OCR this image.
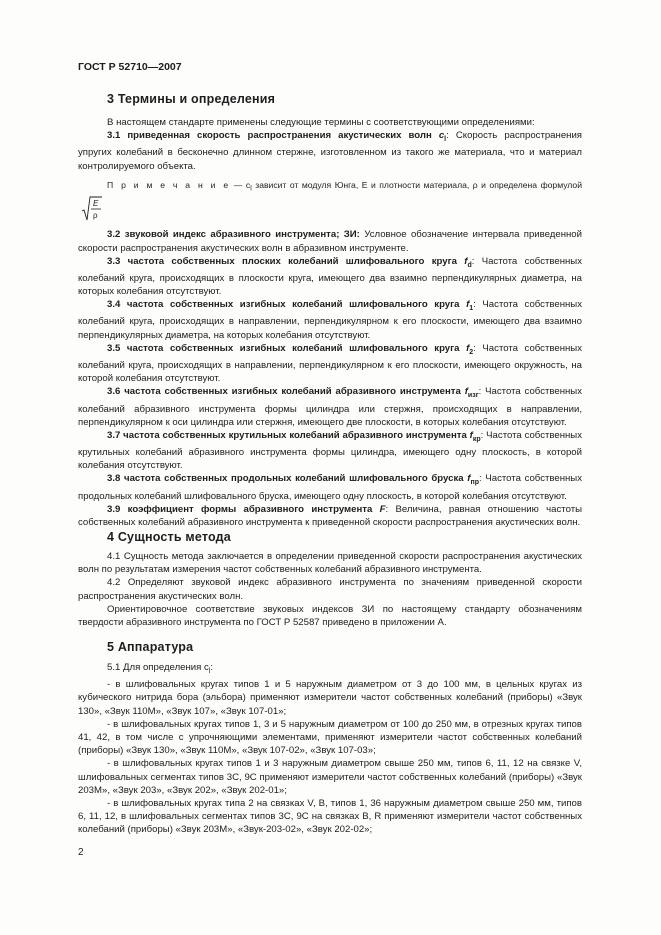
ГОСТ Р 52710—2007
3 Термины и определения

В настоящем стандарте применены следующие термины с соответствующими определениями:

3.1 приведенная скорость распространения акустических волн $c_l$: Скорость распространения упругих колебаний в бесконечно длинном стержне, изготовленном из такого же материала, что и материал контролируемого объекта.

П р и м е ч а н и е — $c_l$ зависит от модуля Юнга, E и плотности материала, ρ и определена формулой
E
ρ

3.2 звуковой индекс абразивного инструмента; ЗИ: Условное обозначение интервала приведенной скорости распространения акустических волн в абразивном инструменте.

3.3 частота собственных плоских колебаний шлифовального круга $f_d$: Частота собственных колебаний круга, происходящих в плоскости круга, имеющего два взаимно перпендикулярных диаметра, на которых колебания отсутствуют.

3.4 частота собственных изгибных колебаний шлифовального круга $f_1$: Частота собственных колебаний круга, происходящих в направлении, перпендикулярном к его плоскости, имеющего два взаимно перпендикулярных диаметра, на которых колебания отсутствуют.

3.5 частота собственных изгибных колебаний шлифовального круга $f_2$: Частота собственных колебаний круга, происходящих в направлении, перпендикулярном к его плоскости, имеющего окружность, на которой колебания отсутствуют.

3.6 частота собственных изгибных колебаний абразивного инструмента $f_{изг}$: Частота собственных колебаний абразивного инструмента формы цилиндра или стержня, происходящих в направлении, перпендикулярном к оси цилиндра или стержня, имеющего две плоскости, в которых колебания отсутствуют.

3.7 частота собственных крутильных колебаний абразивного инструмента $f_{кр}$: Частота собственных крутильных колебаний абразивного инструмента формы цилиндра, имеющего одну плоскость, в которой колебания отсутствуют.

3.8 частота собственных продольных колебаний шлифовального бруска $f_{пр}$: Частота собственных продольных колебаний шлифовального бруска, имеющего одну плоскость, в которой колебания отсутствуют.

3.9 коэффициент формы абразивного инструмента F: Величина, равная отношению частоты собственных колебаний абразивного инструмента к приведенной скорости распространения акустических волн.

4 Сущность метода

4.1 Сущность метода заключается в определении приведенной скорости распространения акустических волн по результатам измерения частот собственных колебаний абразивного инструмента.

4.2 Определяют звуковой индекс абразивного инструмента по значениям приведенной скорости распространения акустических волн.

Ориентировочное соответствие звуковых индексов ЗИ по настоящему стандарту обозначениям твердости абразивного инструмента по ГОСТ Р 52587 приведено в приложении А.

5 Аппаратура

5.1 Для определения $c_l$:

- в шлифовальных кругах типов 1 и 5 наружным диаметром от 3 до 100 мм, в цельных кругах из кубического нитрида бора (эльбора) применяют измерители частот собственных колебаний (приборы) «Звук 130», «Звук 110М», «Звук 107», «Звук 107-01»;

- в шлифовальных кругах типов 1, 3 и 5 наружным диаметром от 100 до 250 мм, в отрезных кругах типов 41, 42, в том числе с упрочняющими элементами, применяют измерители частот собственных колебаний (приборы) «Звук 130», «Звук 110М», «Звук 107-02», «Звук 107-03»;

- в шлифовальных кругах типов 1 и 3 наружным диаметром свыше 250 мм, типов 6, 11, 12 на связке V, шлифовальных сегментах типов 3С, 9С применяют измерители частот собственных колебаний (приборы) «Звук 203М», «Звук 203», «Звук 202», «Звук 202-01»;

- в шлифовальных кругах типа 2 на связках V, B, типов 1, 36 наружным диаметром свыше 250 мм, типов 6, 11, 12, в шлифовальных сегментах типов 3С, 9С на связках B, R применяют измерители частот собственных колебаний (приборы) «Звук 203М», «Звук-203-02», «Звук 202-02»;

2
